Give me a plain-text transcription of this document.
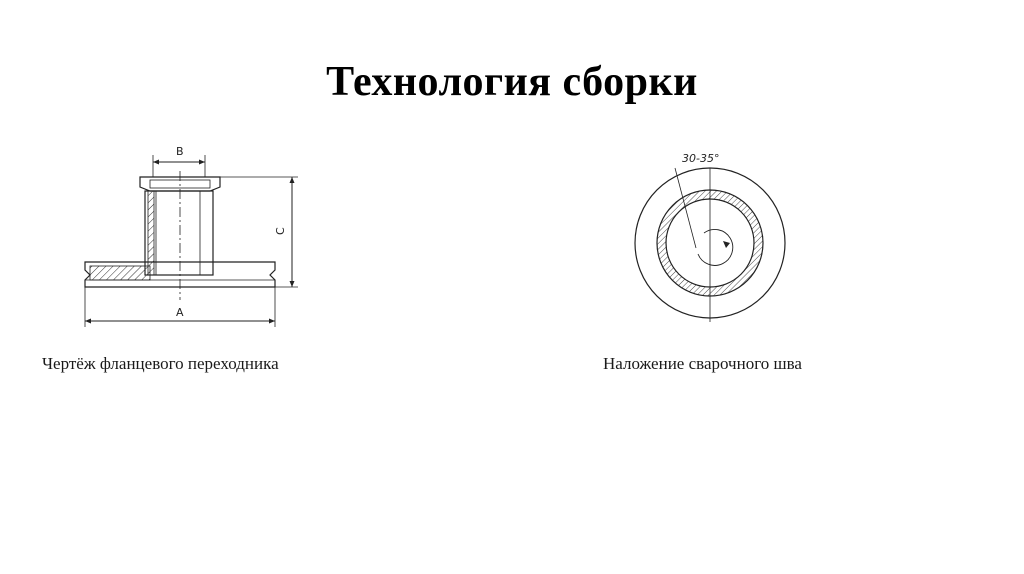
Технология сборки
B
C
A
30-35°
Чертёж фланцевого переходника	Наложение сварочного шва
